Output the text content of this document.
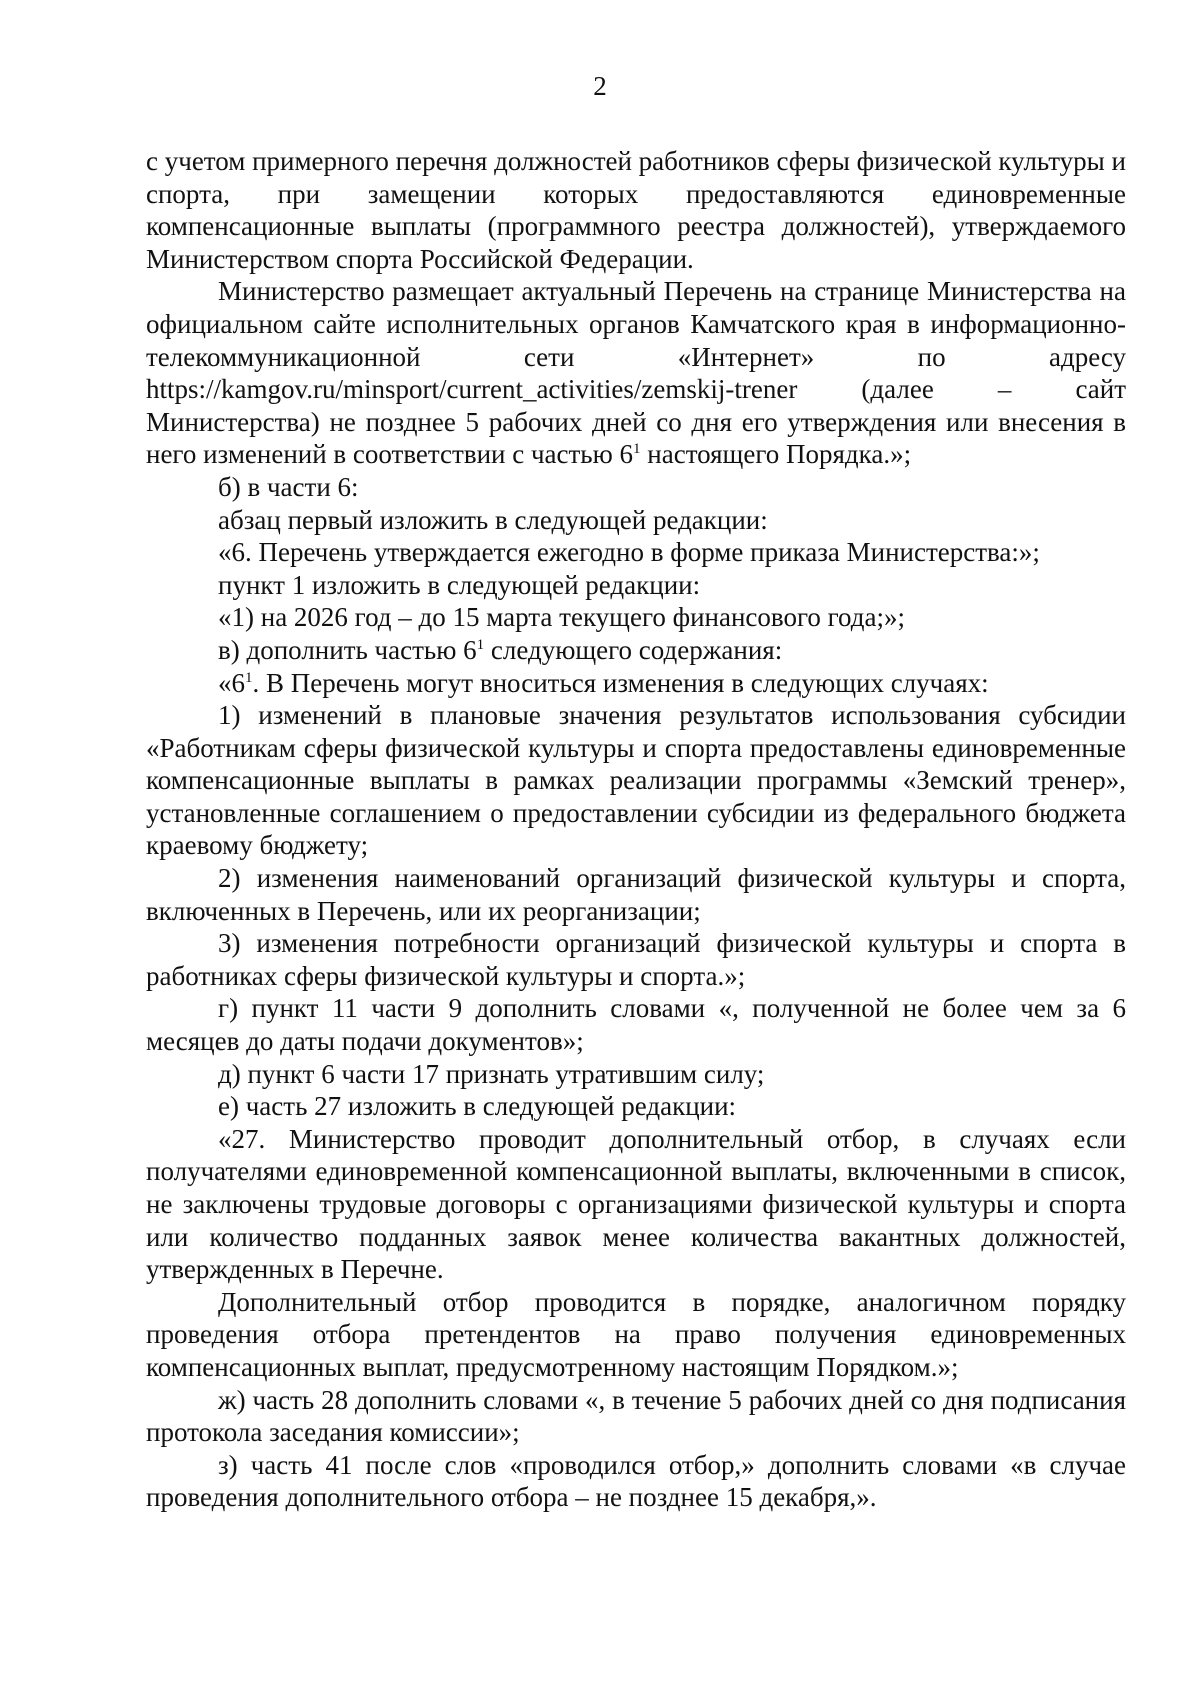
2

с учетом примерного перечня должностей работников сферы физической культуры и спорта, при замещении которых предоставляются единовременные компенсационные выплаты (программного реестра должностей), утверждаемого Министерством спорта Российской Федерации.

Министерство размещает актуальный Перечень на странице Министерства на официальном сайте исполнительных органов Камчатского края в информационно-телекоммуникационной сети «Интернет» по адресу https://kamgov.ru/minsport/current_activities/zemskij-trener (далее – сайт Министерства) не позднее 5 рабочих дней со дня его утверждения или внесения в него изменений в соответствии с частью $6^1$ настоящего Порядка.»;

б) в части 6:

абзац первый изложить в следующей редакции:

«6. Перечень утверждается ежегодно в форме приказа Министерства:»;

пункт 1 изложить в следующей редакции:

«1) на 2026 год – до 15 марта текущего финансового года;»;

в) дополнить частью $6^1$ следующего содержания:

«$6^1$. В Перечень могут вноситься изменения в следующих случаях:

1) изменений в плановые значения результатов использования субсидии «Работникам сферы физической культуры и спорта предоставлены единовременные компенсационные выплаты в рамках реализации программы «Земский тренер», установленные соглашением о предоставлении субсидии из федерального бюджета краевому бюджету;

2) изменения наименований организаций физической культуры и спорта, включенных в Перечень, или их реорганизации;

3) изменения потребности организаций физической культуры и спорта в работниках сферы физической культуры и спорта.»;

г) пункт 11 части 9 дополнить словами «, полученной не более чем за 6 месяцев до даты подачи документов»;

д) пункт 6 части 17 признать утратившим силу;

е) часть 27 изложить в следующей редакции:

«27. Министерство проводит дополнительный отбор, в случаях если получателями единовременной компенсационной выплаты, включенными в список, не заключены трудовые договоры с организациями физической культуры и спорта или количество подданных заявок менее количества вакантных должностей, утвержденных в Перечне.

Дополнительный отбор проводится в порядке, аналогичном порядку проведения отбора претендентов на право получения единовременных компенсационных выплат, предусмотренному настоящим Порядком.»;

ж) часть 28 дополнить словами «, в течение 5 рабочих дней со дня подписания протокола заседания комиссии»;

з) часть 41 после слов «проводился отбор,» дополнить словами «в случае проведения дополнительного отбора – не позднее 15 декабря,».
